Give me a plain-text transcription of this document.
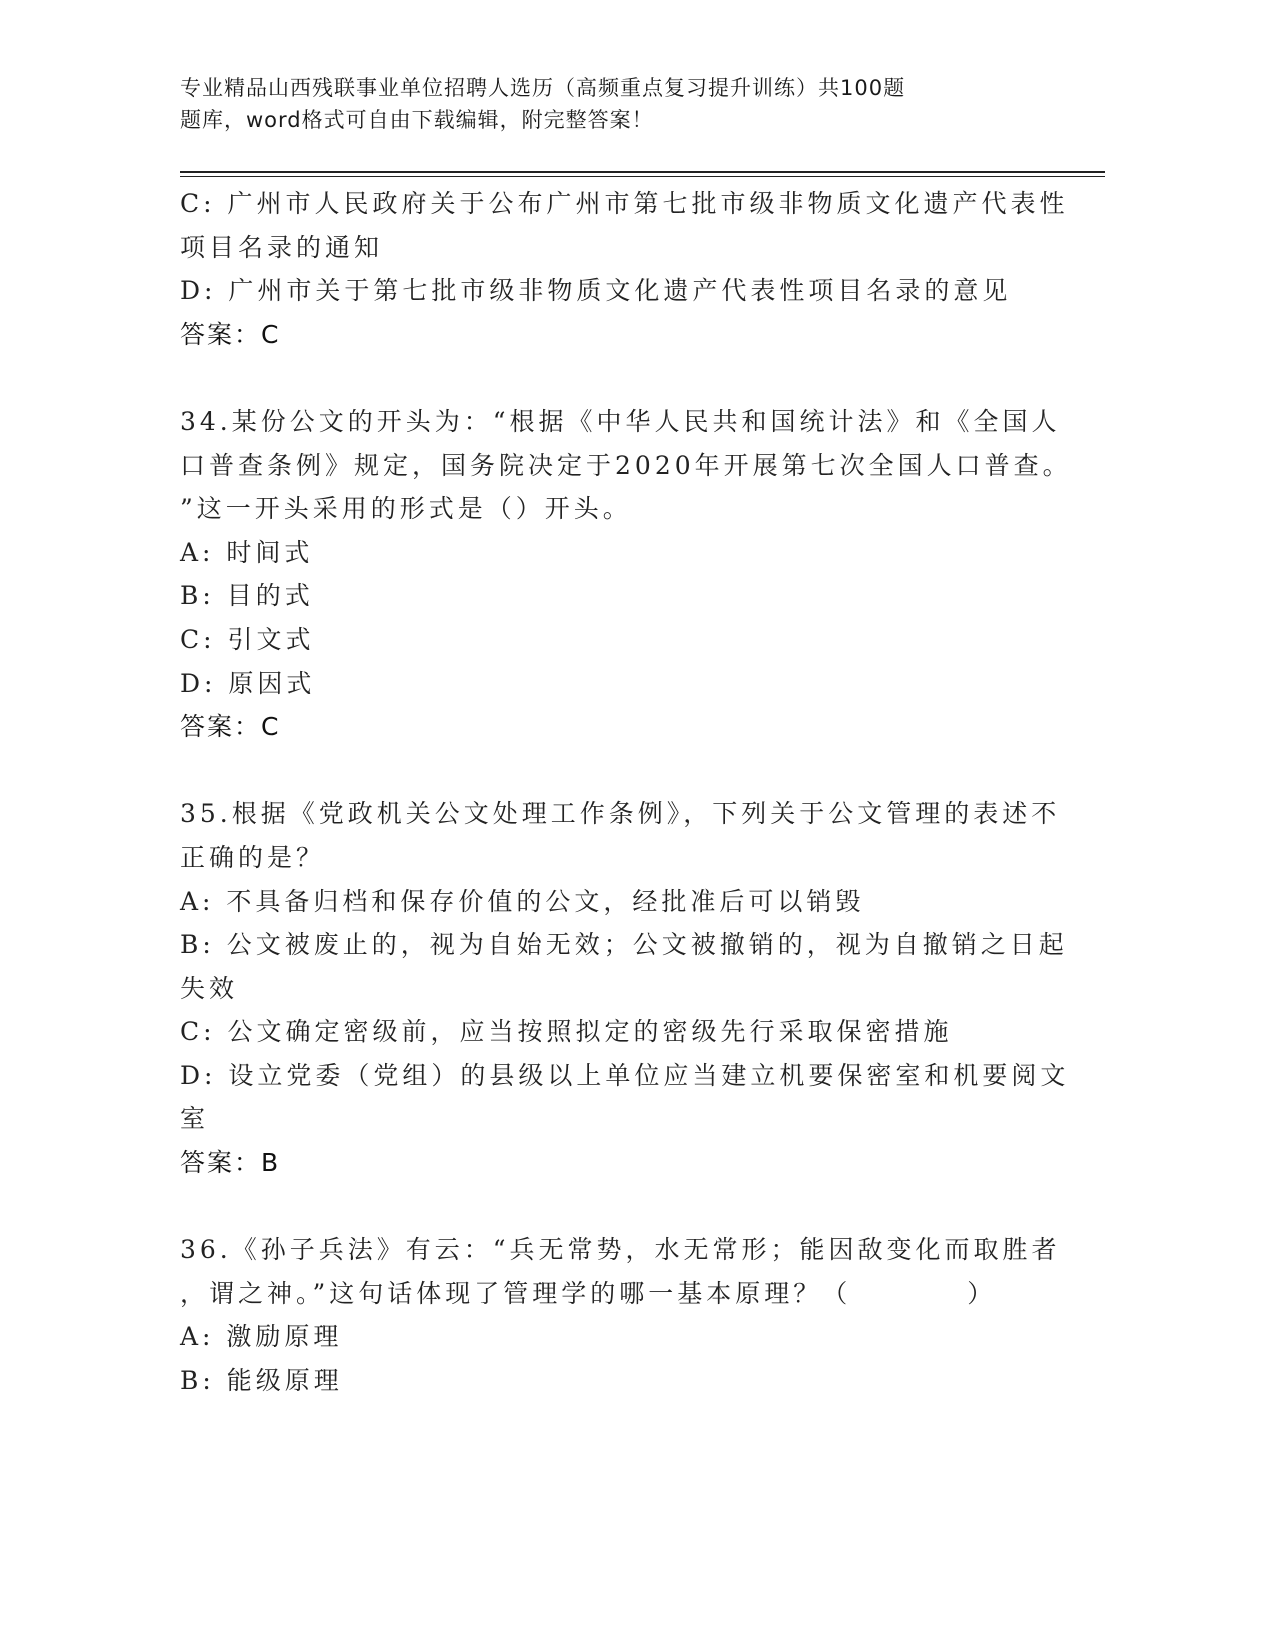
专业精品山西残联事业单位招聘人选历（高频重点复习提升训练）共100题
题库，word格式可自由下载编辑，附完整答案！
C: 广州市人民政府关于公布广州市第七批市级非物质文化遗产代表性
项目名录的通知
D: 广州市关于第七批市级非物质文化遗产代表性项目名录的意见
答案：C
34.某份公文的开头为：“根据《中华人民共和国统计法》和《全国人
口普查条例》规定，国务院决定于2020年开展第七次全国人口普查。
”这一开头采用的形式是（）开头。
A: 时间式
B: 目的式
C: 引文式
D: 原因式
答案：C
35.根据《党政机关公文处理工作条例》，下列关于公文管理的表述不
正确的是？
A: 不具备归档和保存价值的公文，经批准后可以销毁
B: 公文被废止的，视为自始无效；公文被撤销的，视为自撤销之日起
失效
C: 公文确定密级前，应当按照拟定的密级先行采取保密措施
D: 设立党委（党组）的县级以上单位应当建立机要保密室和机要阅文
室
答案：B
36.《孙子兵法》有云：“兵无常势，水无常形；能因敌变化而取胜者
，谓之神。”这句话体现了管理学的哪一基本原理？（　　　　）
A: 激励原理
B: 能级原理
